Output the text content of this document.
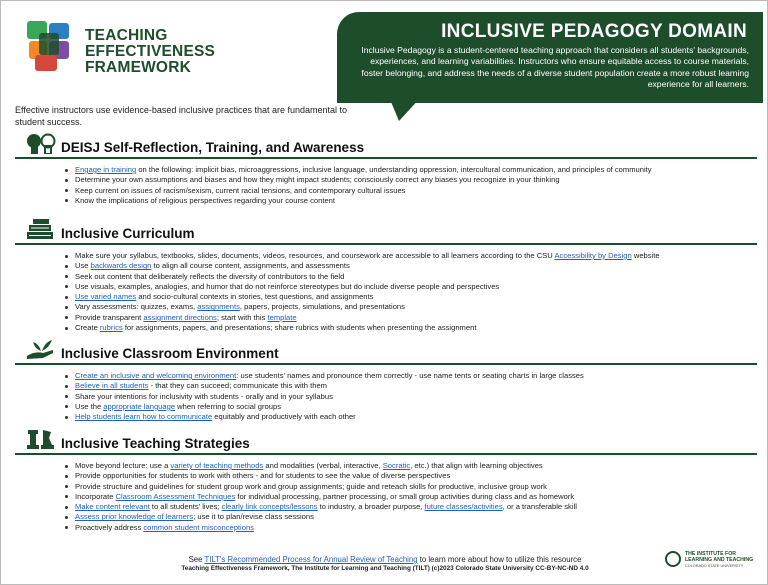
TEACHING
EFFECTIVENESS
FRAMEWORK
INCLUSIVE PEDAGOGY DOMAIN
Inclusive Pedagogy is a student-centered teaching approach that considers all students' backgrounds, experiences, and learning variabilities. Instructors who ensure equitable access to course materials, foster belonging, and address the needs of a diverse student population create a more robust learning experience for all learners.
Effective instructors use evidence-based inclusive practices that are fundamental to student success.
DEISJ Self-Reflection, Training, and Awareness
Engage in training on the following: implicit bias, microaggressions, inclusive language, understanding oppression, intercultural communication, and principles of community
Determine your own assumptions and biases and how they might impact students; consciously correct any biases you recognize in your thinking
Keep current on issues of racism/sexism, current racial tensions, and contemporary cultural issues
Know the implications of religious perspectives regarding your course content
Inclusive Curriculum
Make sure your syllabus, textbooks, slides, documents, videos, resources, and coursework are accessible to all learners according to the CSU Accessibility by Design website
Use backwards design to align all course content, assignments, and assessments
Seek out content that deliberately reflects the diversity of contributors to the field
Use visuals, examples, analogies, and humor that do not reinforce stereotypes but do include diverse people and perspectives
Use varied names and socio-cultural contexts in stories, test questions, and assignments
Vary assessments: quizzes, exams, assignments, papers, projects, simulations, and presentations
Provide transparent assignment directions; start with this template
Create rubrics for assignments, papers, and presentations; share rubrics with students when presenting the assignment
Inclusive Classroom Environment
Create an inclusive and welcoming environment: use students' names and pronounce them correctly - use name tents or seating charts in large classes
Believe in all students - that they can succeed; communicate this with them
Share your intentions for inclusivity with students - orally and in your syllabus
Use the appropriate language when referring to social groups
Help students learn how to communicate equitably and productively with each other
Inclusive Teaching Strategies
Move beyond lecture: use a variety of teaching methods and modalities (verbal, interactive, Socratic, etc.) that align with learning objectives
Provide opportunities for students to work with others - and for students to see the value of diverse perspectives
Provide structure and guidelines for student group work and group assignments; guide and reteach skills for productive, inclusive group work
Incorporate Classroom Assessment Techniques for individual processing, partner processing, or small group activities during class and as homework
Make content relevant to all students' lives; clearly link concepts/lessons to industry, a broader purpose, future classes/activities, or a transferable skill
Assess prior knowledge of learners; use it to plan/revise class sessions
Proactively address common student misconceptions
See TILT's Recommended Process for Annual Review of Teaching to learn more about how to utilize this resource
Teaching Effectiveness Framework, The Institute for Learning and Teaching (TILT) (c)2023 Colorado State University CC-BY-NC-ND 4.0
THE INSTITUTE FOR
LEARNING AND TEACHING
COLORADO STATE UNIVERSITY
